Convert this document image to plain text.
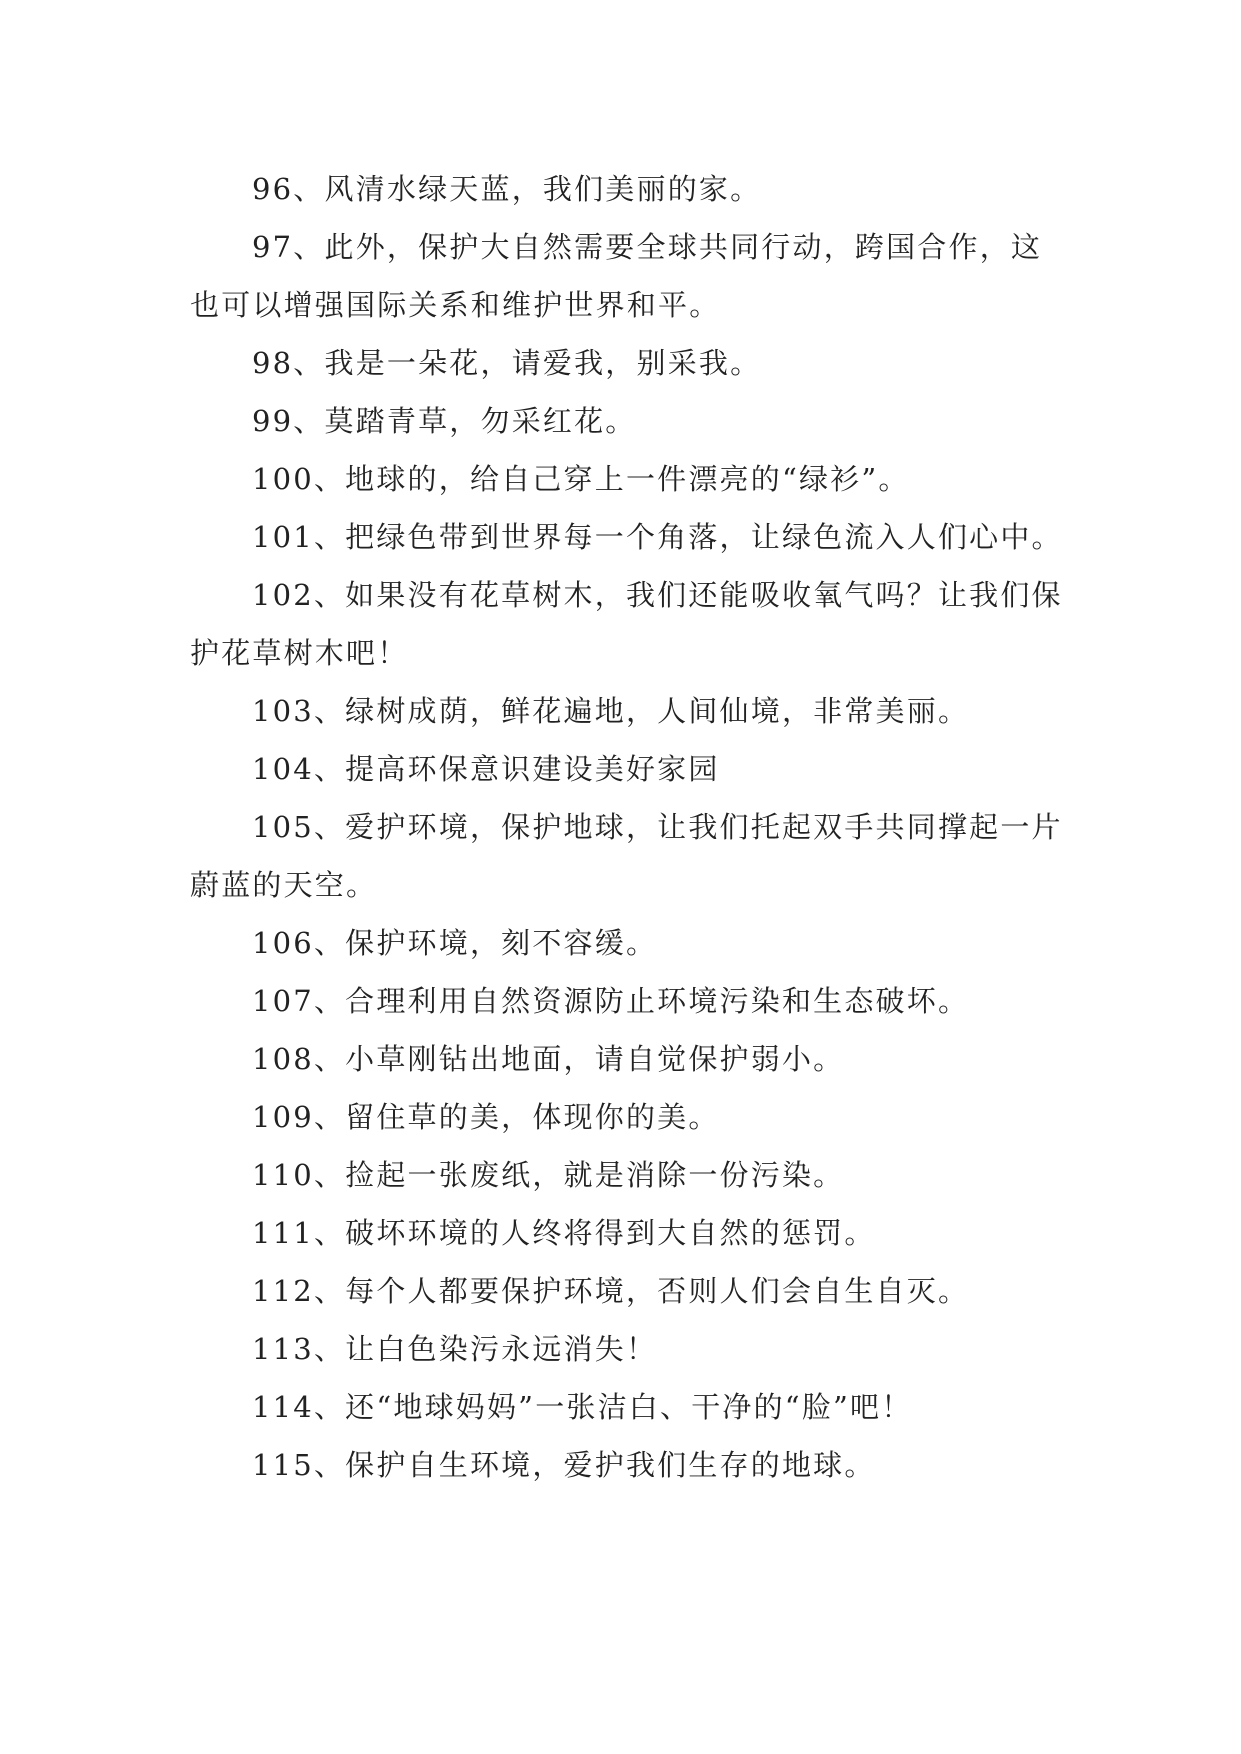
96、风清水绿天蓝，我们美丽的家。

97、此外，保护大自然需要全球共同行动，跨国合作，这也可以增强国际关系和维护世界和平。

98、我是一朵花，请爱我，别采我。

99、莫踏青草，勿采红花。

100、地球的，给自己穿上一件漂亮的“绿衫”。

101、把绿色带到世界每一个角落，让绿色流入人们心中。

102、如果没有花草树木，我们还能吸收氧气吗？让我们保护花草树木吧！

103、绿树成荫，鲜花遍地，人间仙境，非常美丽。

104、提高环保意识建设美好家园

105、爱护环境，保护地球，让我们托起双手共同撑起一片蔚蓝的天空。

106、保护环境，刻不容缓。

107、合理利用自然资源防止环境污染和生态破坏。

108、小草刚钻出地面，请自觉保护弱小。

109、留住草的美，体现你的美。

110、捡起一张废纸，就是消除一份污染。

111、破坏环境的人终将得到大自然的惩罚。

112、每个人都要保护环境，否则人们会自生自灭。

113、让白色染污永远消失！

114、还“地球妈妈”一张洁白、干净的“脸”吧！

115、保护自生环境，爱护我们生存的地球。
